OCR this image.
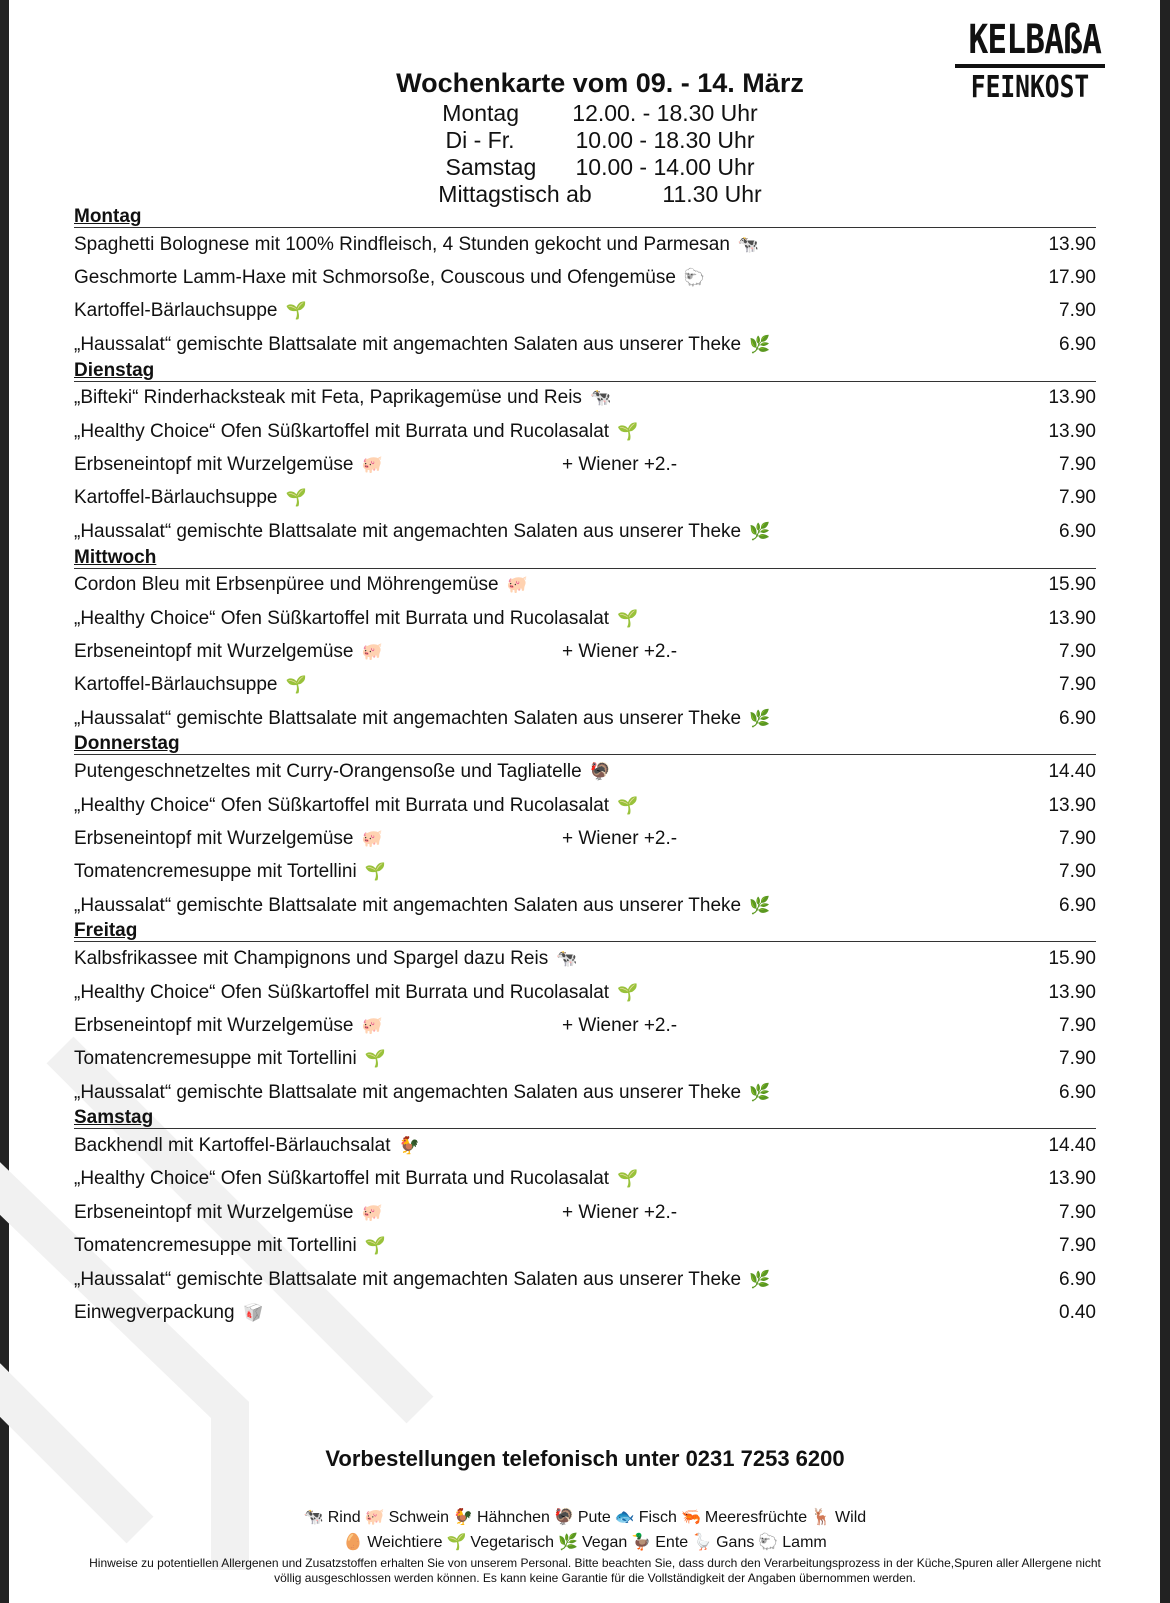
KELBAßA
FEINKOST
Wochenkarte vom 09. - 14. März
Montag	12.00. - 18.30 Uhr
Di - Fr.	10.00 - 18.30 Uhr
Samstag	10.00 - 14.00 Uhr
Mittagstisch ab	11.30 Uhr
Montag
Spaghetti Bolognese mit 100% Rindfleisch, 4 Stunden gekocht und Parmesan 🐄	13.90
Geschmorte Lamm-Haxe mit Schmorsoße, Couscous und Ofengemüse 🐑	17.90
Kartoffel-Bärlauchsuppe 🌱	7.90
„Haussalat“ gemischte Blattsalate mit angemachten Salaten aus unserer Theke 🌿	6.90
Dienstag
„Bifteki“ Rinderhacksteak mit Feta, Paprikagemüse und Reis 🐄	13.90
„Healthy Choice“ Ofen Süßkartoffel mit Burrata und Rucolasalat 🌱	13.90
Erbseneintopf mit Wurzelgemüse 🐖	+ Wiener +2.-	7.90
Kartoffel-Bärlauchsuppe 🌱	7.90
„Haussalat“ gemischte Blattsalate mit angemachten Salaten aus unserer Theke 🌿	6.90
Mittwoch
Cordon Bleu mit Erbsenpüree und Möhrengemüse 🐖	15.90
„Healthy Choice“ Ofen Süßkartoffel mit Burrata und Rucolasalat 🌱	13.90
Erbseneintopf mit Wurzelgemüse 🐖	+ Wiener +2.-	7.90
Kartoffel-Bärlauchsuppe 🌱	7.90
„Haussalat“ gemischte Blattsalate mit angemachten Salaten aus unserer Theke 🌿	6.90
Donnerstag
Putengeschnetzeltes mit Curry-Orangensoße und Tagliatelle 🦃	14.40
„Healthy Choice“ Ofen Süßkartoffel mit Burrata und Rucolasalat 🌱	13.90
Erbseneintopf mit Wurzelgemüse 🐖	+ Wiener +2.-	7.90
Tomatencremesuppe mit Tortellini 🌱	7.90
„Haussalat“ gemischte Blattsalate mit angemachten Salaten aus unserer Theke 🌿	6.90
Freitag
Kalbsfrikassee mit Champignons und Spargel dazu Reis 🐄	15.90
„Healthy Choice“ Ofen Süßkartoffel mit Burrata und Rucolasalat 🌱	13.90
Erbseneintopf mit Wurzelgemüse 🐖	+ Wiener +2.-	7.90
Tomatencremesuppe mit Tortellini 🌱	7.90
„Haussalat“ gemischte Blattsalate mit angemachten Salaten aus unserer Theke 🌿	6.90
Samstag
Backhendl mit Kartoffel-Bärlauchsalat 🐓	14.40
„Healthy Choice“ Ofen Süßkartoffel mit Burrata und Rucolasalat 🌱	13.90
Erbseneintopf mit Wurzelgemüse 🐖	+ Wiener +2.-	7.90
Tomatencremesuppe mit Tortellini 🌱	7.90
„Haussalat“ gemischte Blattsalate mit angemachten Salaten aus unserer Theke 🌿	6.90
Einwegverpackung 🥡	0.40
Vorbestellungen telefonisch unter 0231 7253 6200
🐄 Rind 🐖 Schwein 🐓 Hähnchen 🦃 Pute 🐟 Fisch 🦐 Meeresfrüchte 🦌 Wild
🥚 Weichtiere 🌱 Vegetarisch 🌿 Vegan 🦆 Ente 🪿 Gans 🐑 Lamm
Hinweise zu potentiellen Allergenen und Zusatzstoffen erhalten Sie von unserem Personal. Bitte beachten Sie, dass durch den Verarbeitungsprozess in der Küche,Spuren aller Allergene nicht völlig ausgeschlossen werden können. Es kann keine Garantie für die Vollständigkeit der Angaben übernommen werden.
